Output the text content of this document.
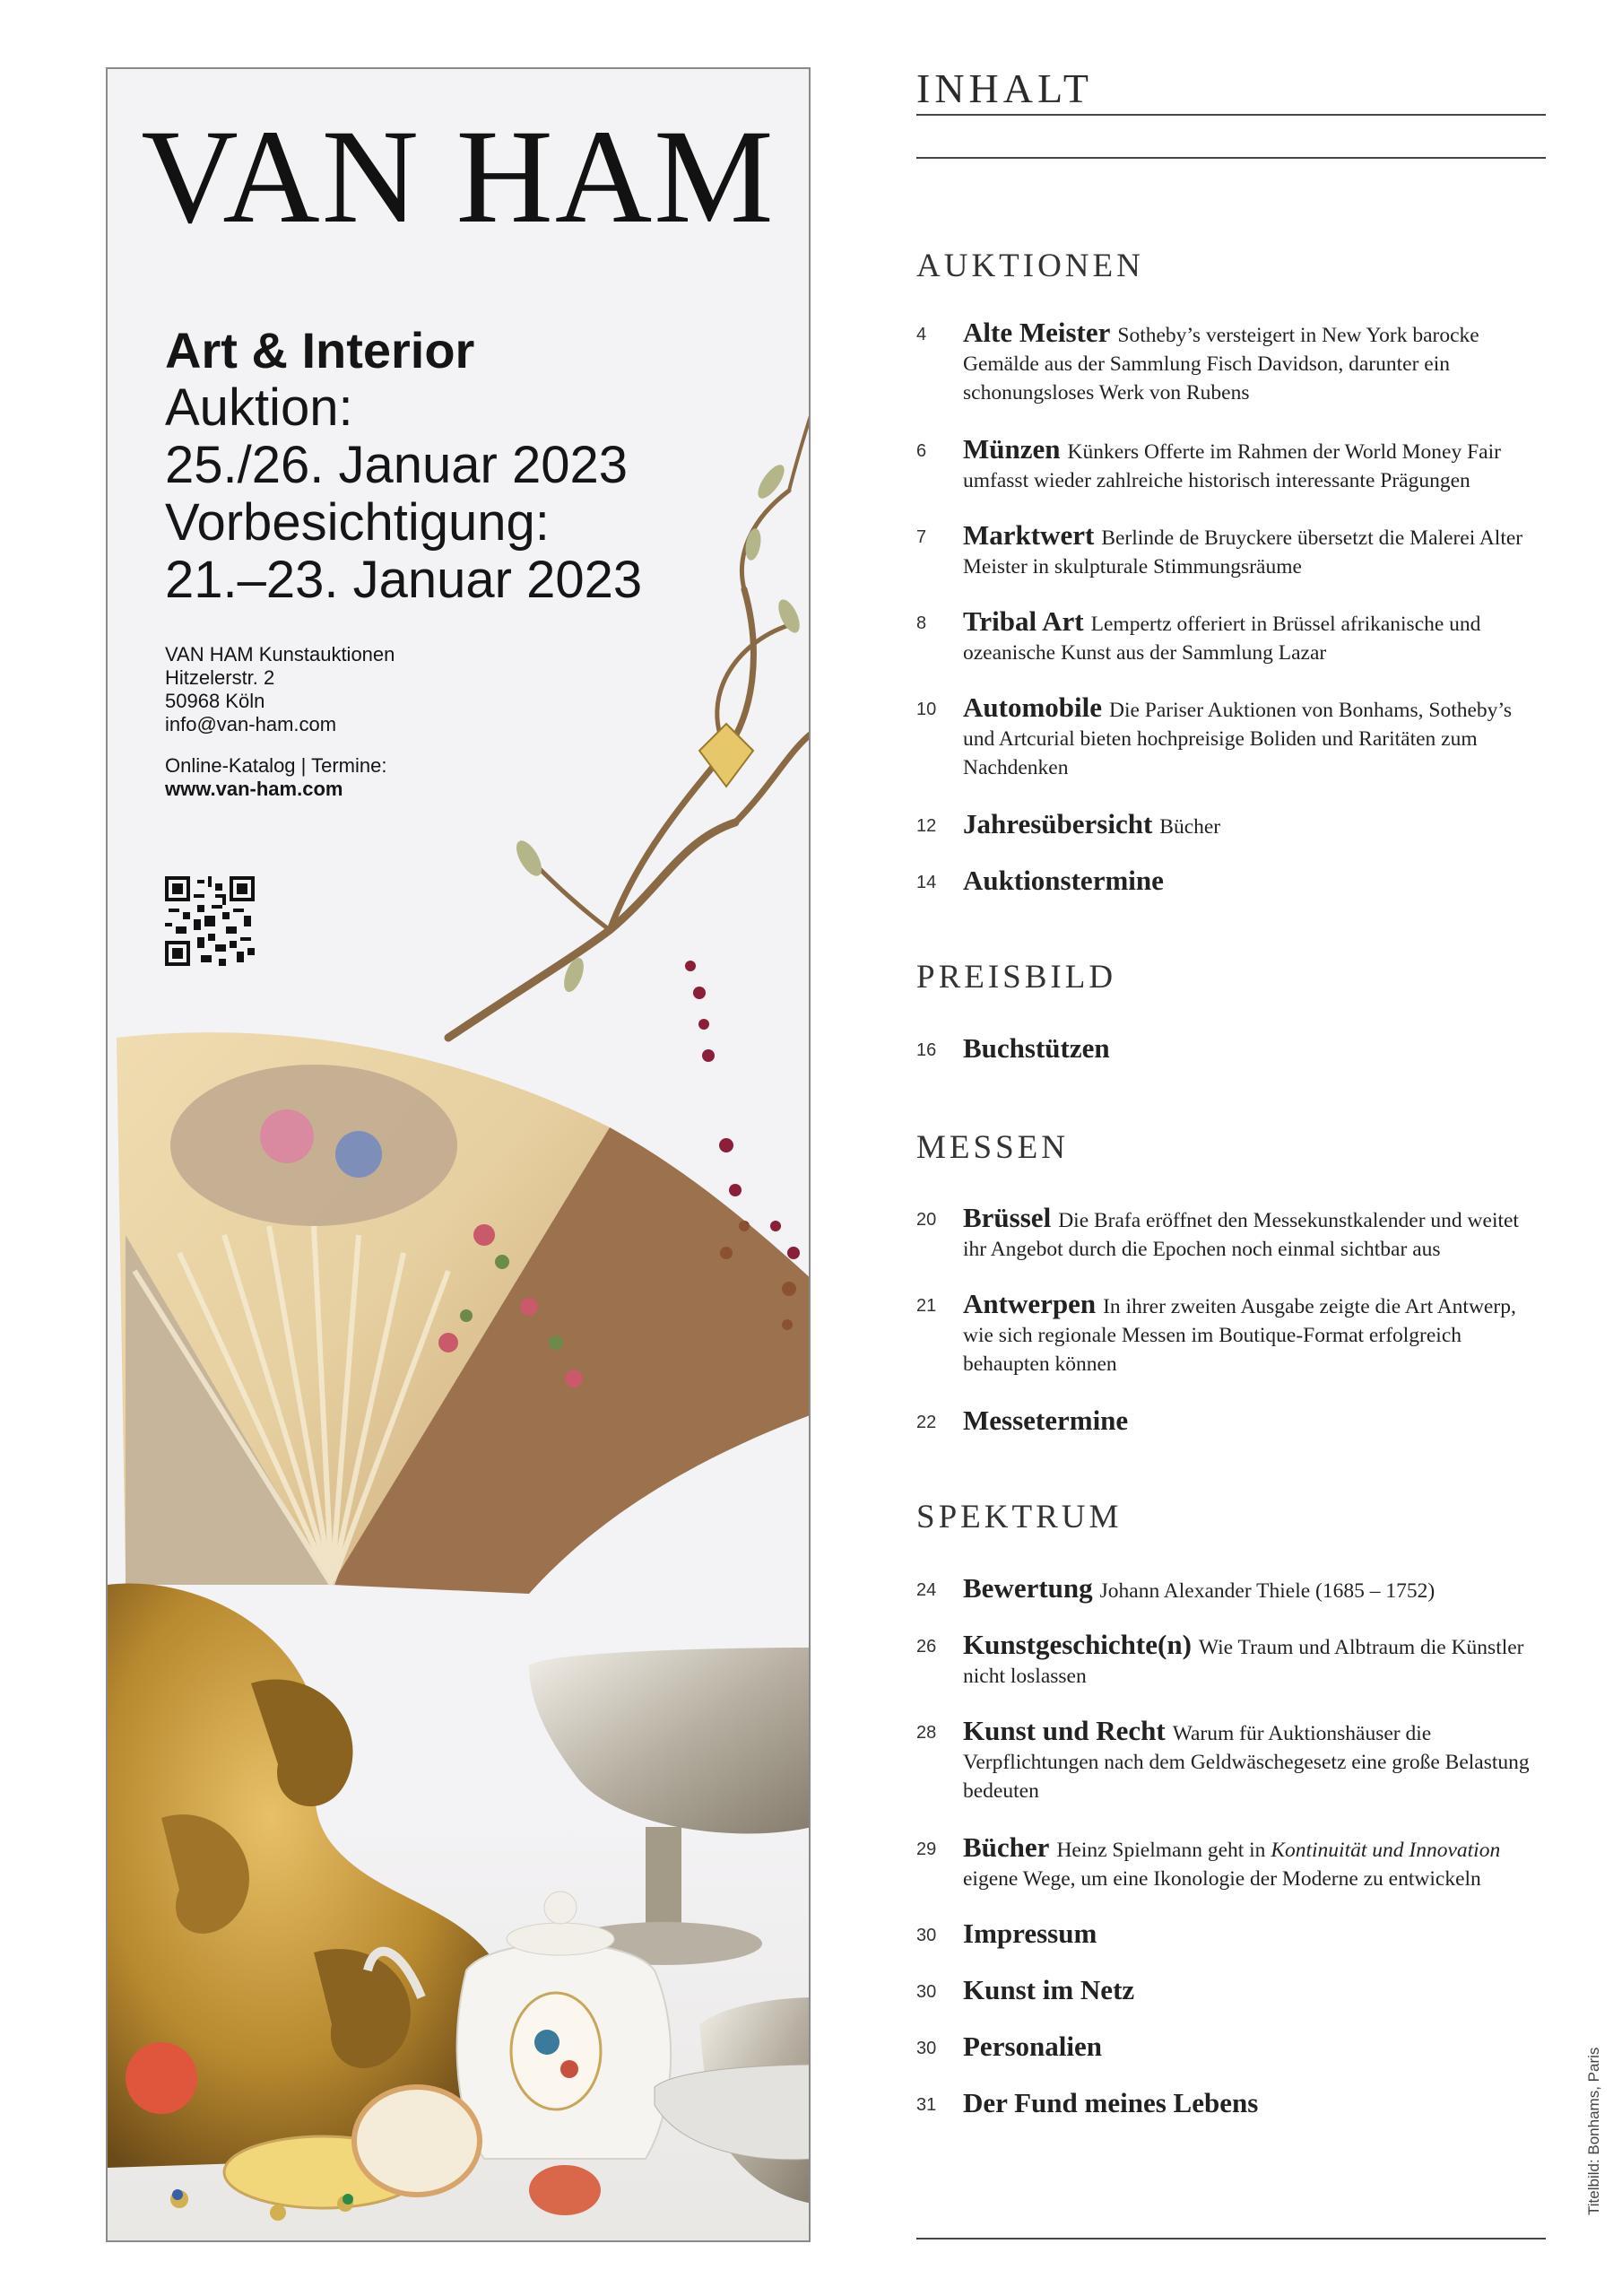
VAN HAM
Art & Interior
Auktion:
25./26. Januar 2023
Vorbesichtigung:
21.–23. Januar 2023
VAN HAM Kunstauktionen
Hitzelerstr. 2
50968 Köln
info@van-ham.com
Online-Katalog | Termine:
www.van-ham.com
INHALT
AUKTIONEN
4	Alte Meister Sotheby’s versteigert in New York barocke Gemälde aus der Sammlung Fisch Davidson, darunter ein schonungsloses Werk von Rubens
6	Münzen Künkers Offerte im Rahmen der World Money Fair umfasst wieder zahlreiche historisch interessante Prägungen
7	Marktwert Berlinde de Bruyckere übersetzt die Malerei Alter Meister in skulpturale Stimmungsräume
8	Tribal Art Lempertz offeriert in Brüssel afrikanische und ozeanische Kunst aus der Sammlung Lazar
10 Automobile Die Pariser Auktionen von Bonhams, Sotheby’s und Artcurial bieten hochpreisige Boliden und Raritäten zum Nachdenken
12 Jahresübersicht Bücher
14 Auktionstermine
PREISBILD
16 Buchstützen
MESSEN
20 Brüssel Die Brafa eröffnet den Messekunstkalender und weitet ihr Angebot durch die Epochen noch einmal sichtbar aus
21 Antwerpen In ihrer zweiten Ausgabe zeigte die Art Antwerp, wie sich regionale Messen im Boutique-Format erfolgreich behaupten können
22 Messetermine
SPEKTRUM
24 Bewertung Johann Alexander Thiele (1685 – 1752)
26 Kunstgeschichte(n) Wie Traum und Albtraum die Künstler nicht loslassen
28 Kunst und Recht Warum für Auktionshäuser die Verpflichtungen nach dem Geldwäschegesetz eine große Belastung bedeuten
29 Bücher Heinz Spielmann geht in Kontinuität und Innovation eigene Wege, um eine Ikonologie der Moderne zu entwickeln
30 Impressum
30 Kunst im Netz
30 Personalien
31 Der Fund meines Lebens	Titelbild: Bonhams, Paris
